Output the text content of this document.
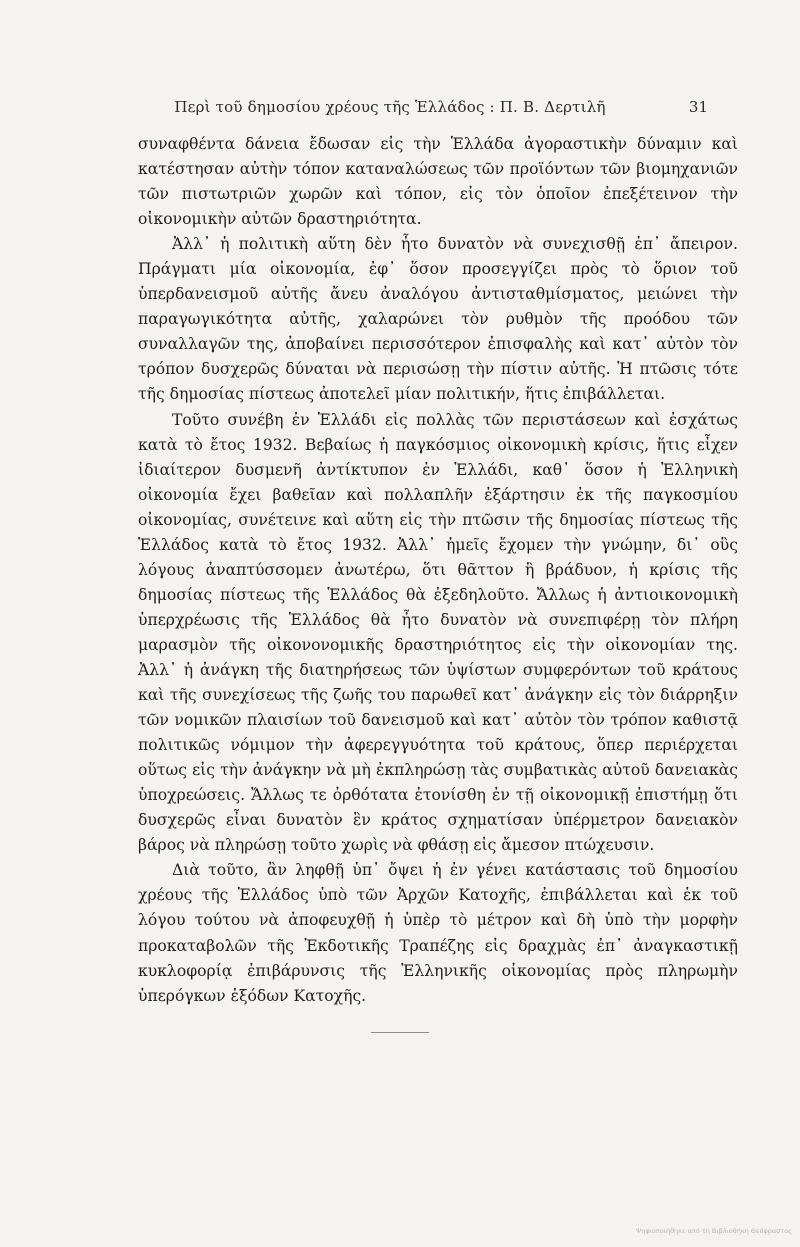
Περὶ τοῦ δημοσίου χρέους τῆς Ἑλλάδος : Π. Β. Δερτιλῆ	31

συναφθέντα δάνεια ἔδωσαν εἰς τὴν Ἑλλάδα ἀγοραστικὴν δύναμιν καὶ κατέστησαν αὐτὴν τόπον καταναλώσεως τῶν προϊόντων τῶν βιομηχανιῶν τῶν πιστωτριῶν χωρῶν καὶ τόπον, εἰς τὸν ὁποῖον ἐπεξέτεινον τὴν οἰκονομικὴν αὐτῶν δραστηριότητα.

Ἀλλ᾽ ἡ πολιτικὴ αὕτη δὲν ἦτο δυνατὸν νὰ συνεχισθῇ ἐπ᾽ ἄπειρον. Πράγματι μία οἰκονομία, ἐφ᾽ ὅσον προσεγγίζει πρὸς τὸ ὅριον τοῦ ὑπερδανεισμοῦ αὐτῆς ἄνευ ἀναλόγου ἀντισταθμίσματος, μειώνει τὴν παραγωγικότητα αὐτῆς, χαλαρώνει τὸν ρυθμὸν τῆς προόδου τῶν συναλλαγῶν της, ἀποβαίνει περισσότερον ἐπισφαλὴς καὶ κατ᾽ αὐτὸν τὸν τρόπον δυσχερῶς δύναται νὰ περισώσῃ τὴν πίστιν αὐτῆς. Ἡ πτῶσις τότε τῆς δημοσίας πίστεως ἀποτελεῖ μίαν πολιτικήν, ἥτις ἐπιβάλλεται.

Τοῦτο συνέβη ἐν Ἑλλάδι εἰς πολλὰς τῶν περιστάσεων καὶ ἐσχάτως κατὰ τὸ ἔτος 1932. Βεβαίως ἡ παγκόσμιος οἰκονομικὴ κρίσις, ἥτις εἶχεν ἰδιαίτερον δυσμενῆ ἀντίκτυπον ἐν Ἑλλάδι, καθ᾽ ὅσον ἡ Ἑλληνικὴ οἰκονομία ἔχει βαθεῖαν καὶ πολλαπλῆν ἐξάρτησιν ἐκ τῆς παγκοσμίου οἰκονομίας, συνέτεινε καὶ αὕτη εἰς τὴν πτῶσιν τῆς δημοσίας πίστεως τῆς Ἑλλάδος κατὰ τὸ ἔτος 1932. Ἀλλ᾽ ἡμεῖς ἔχομεν τὴν γνώμην, δι᾽ οὓς λόγους ἀναπτύσσομεν ἀνωτέρω, ὅτι θᾶττον ἢ βράδυον, ἡ κρίσις τῆς δημοσίας πίστεως τῆς Ἑλλάδος θὰ ἐξεδηλοῦτο. Ἄλλως ἡ ἀντιοικονομικὴ ὑπερχρέωσις τῆς Ἑλλάδος θὰ ἦτο δυνατὸν νὰ συνεπιφέρῃ τὸν πλήρη μαρασμὸν τῆς οἰκονονομικῆς δραστηριότητος εἰς τὴν οἰκονομίαν της. Ἀλλ᾽ ἡ ἀνάγκη τῆς διατηρήσεως τῶν ὑψίστων συμφερόντων τοῦ κράτους καὶ τῆς συνεχίσεως τῆς ζωῆς του παρωθεῖ κατ᾽ ἀνάγκην εἰς τὸν διάρρηξιν τῶν νομικῶν πλαισίων τοῦ δανεισμοῦ καὶ κατ᾽ αὐτὸν τὸν τρόπον καθιστᾷ πολιτικῶς νόμιμον τὴν ἀφερεγγυότητα τοῦ κράτους, ὅπερ περιέρχεται οὕτως εἰς τὴν ἀνάγκην νὰ μὴ ἐκπληρώσῃ τὰς συμβατικὰς αὐτοῦ δανειακὰς ὑποχρεώσεις. Ἄλλως τε ὀρθότατα ἐτονίσθη ἐν τῇ οἰκονομικῇ ἐπιστήμῃ ὅτι δυσχερῶς εἶναι δυνατὸν ἓν κράτος σχηματίσαν ὑπέρμετρον δανειακὸν βάρος νὰ πληρώσῃ τοῦτο χωρὶς νὰ φθάσῃ εἰς ἄμεσον πτώχευσιν.

Διὰ τοῦτο, ἂν ληφθῇ ὑπ᾽ ὄψει ἡ ἐν γένει κατάστασις τοῦ δημοσίου χρέους τῆς Ἑλλάδος ὑπὸ τῶν Ἀρχῶν Κατοχῆς, ἐπιβάλλεται καὶ ἐκ τοῦ λόγου τούτου νὰ ἀποφευχθῇ ἡ ὑπὲρ τὸ μέτρον καὶ δὴ ὑπὸ τὴν μορφὴν προκαταβολῶν τῆς Ἐκδοτικῆς Τραπέζης εἰς δραχμὰς ἐπ᾽ ἀναγκαστικῇ κυκλοφορίᾳ ἐπιβάρυνσις τῆς Ἑλληνικῆς οἰκονομίας πρὸς πληρωμὴν ὑπερόγκων ἐξόδων Κατοχῆς.

Ψηφιοποιήθηκε από τη Βιβλιοθήκη Θεόφραστος
